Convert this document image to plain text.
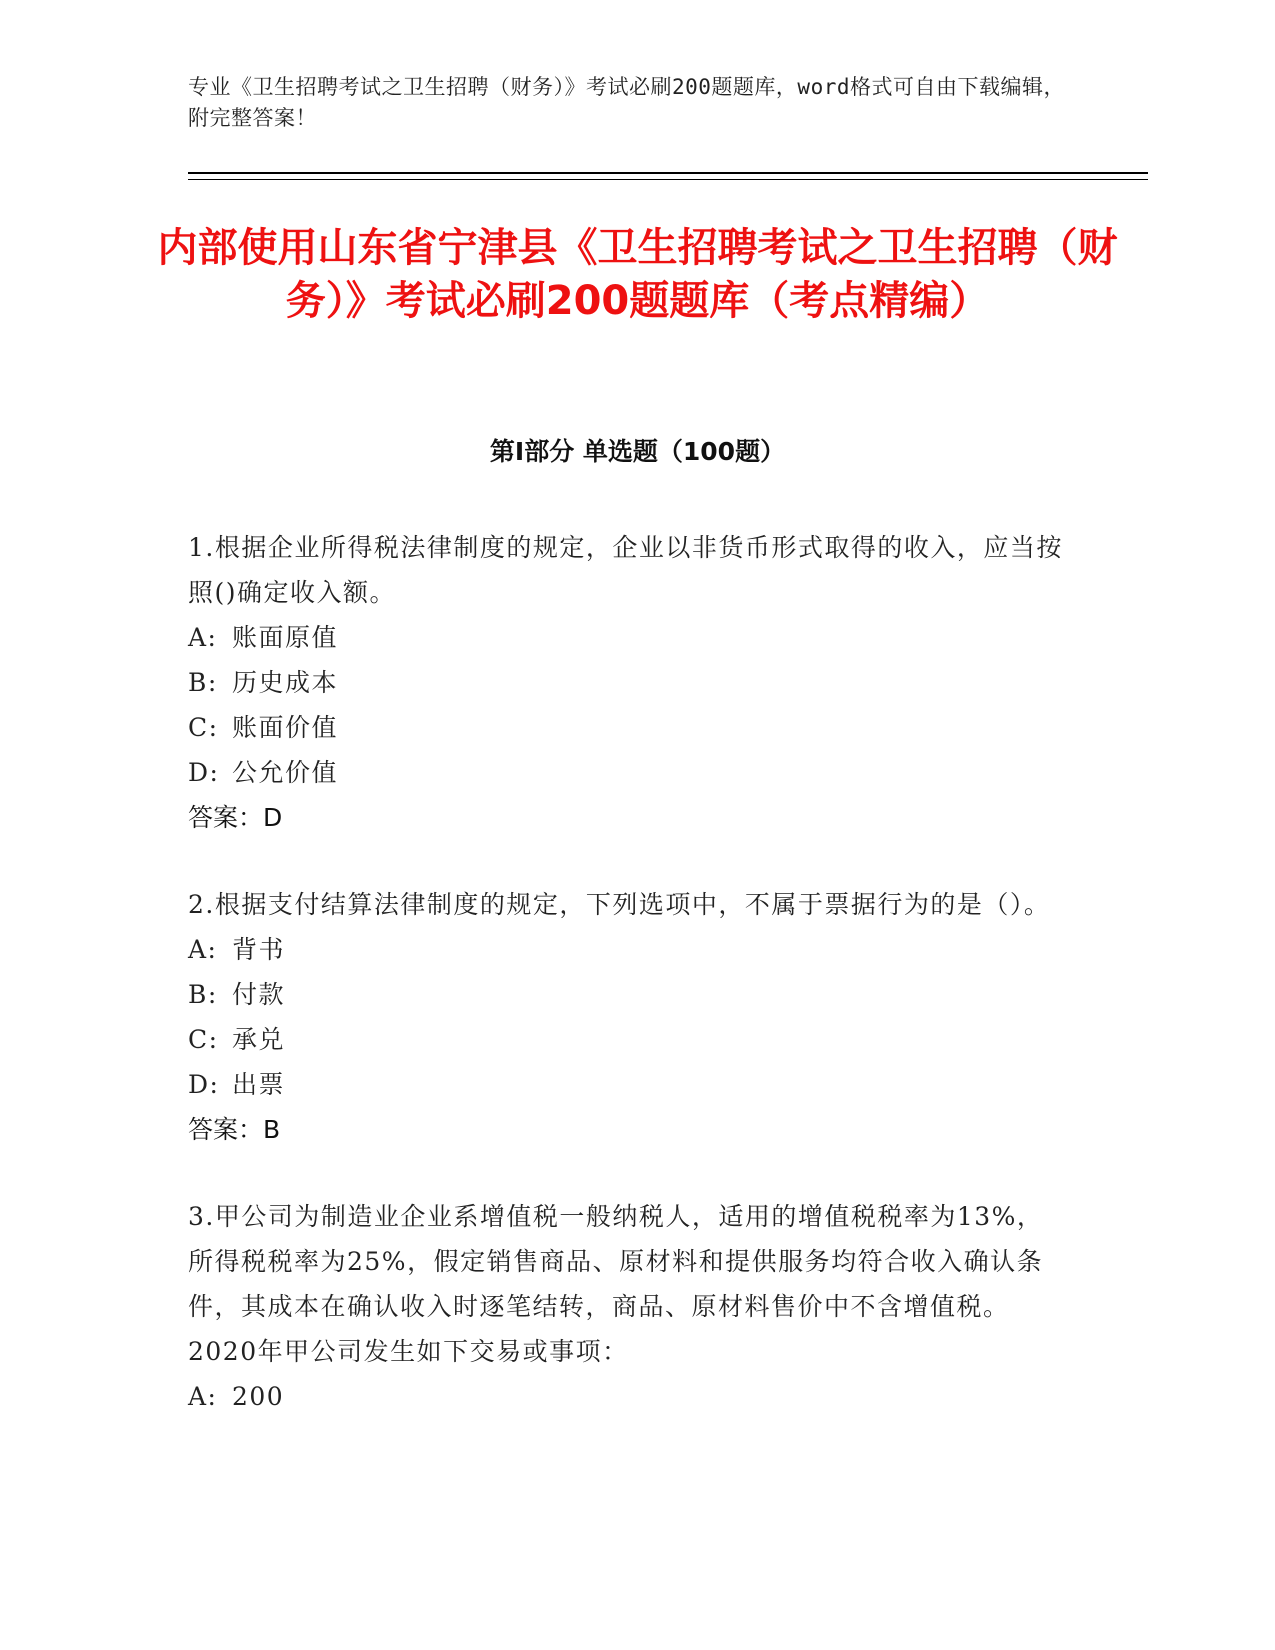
专业《卫生招聘考试之卫生招聘（财务）》考试必刷200题题库，word格式可自由下载编辑，附完整答案！
内部使用山东省宁津县《卫生招聘考试之卫生招聘（财务）》考试必刷200题题库（考点精编）
第Ⅰ部分 单选题（100题）
1.根据企业所得税法律制度的规定，企业以非货币形式取得的收入，应当按照()确定收入额。
A: 账面原值
B: 历史成本
C: 账面价值
D: 公允价值
答案：D
2.根据支付结算法律制度的规定，下列选项中，不属于票据行为的是（）。
A: 背书
B: 付款
C: 承兑
D: 出票
答案：B
3.甲公司为制造业企业系增值税一般纳税人，适用的增值税税率为13%，所得税税率为25%，假定销售商品、原材料和提供服务均符合收入确认条件，其成本在确认收入时逐笔结转，商品、原材料售价中不含增值税。2020年甲公司发生如下交易或事项：
A: 200
